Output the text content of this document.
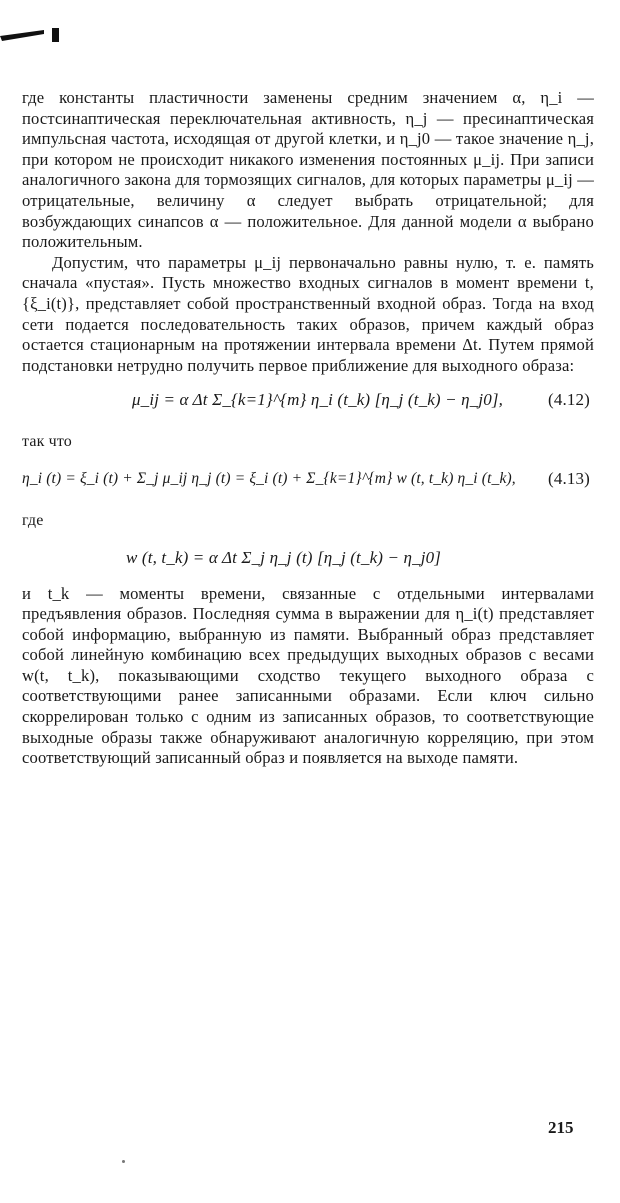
где константы пластичности заменены средним значением α, η_i — постсинаптическая переключательная активность, η_j — пресинаптическая импульсная частота, исходящая от другой клетки, и η_j0 — такое значение η_j, при котором не происходит никакого изменения постоянных μ_ij. При записи аналогичного закона для тормозящих сигналов, для которых параметры μ_ij — отрицательные, величину α следует выбрать отрицательной; для возбуждающих синапсов α — положительное. Для данной модели α выбрано положительным.

Допустим, что параметры μ_ij первоначально равны нулю, т. е. память сначала «пустая». Пусть множество входных сигналов в момент времени t, {ξ_i(t)}, представляет собой пространственный входной образ. Тогда на вход сети подается последовательность таких образов, причем каждый образ остается стационарным на протяжении интервала времени Δt. Путем прямой подстановки нетрудно получить первое приближение для выходного образа:

μ_ij = α Δt Σ_{k=1}^{m} η_i (t_k) [η_j (t_k) − η_j0],	(4.12)
так что
η_i (t) = ξ_i (t) + Σ_j μ_ij η_j (t) = ξ_i (t) + Σ_{k=1}^{m} w (t, t_k) η_i (t_k), (4.13)
где
w (t, t_k) = α Δt Σ_j η_j (t) [η_j (t_k) − η_j0]

и t_k — моменты времени, связанные с отдельными интервалами предъявления образов. Последняя сумма в выражении для η_i(t) представляет собой информацию, выбранную из памяти. Выбранный образ представляет собой линейную комбинацию всех предыдущих выходных образов с весами w(t, t_k), показывающими сходство текущего выходного образа с соответствующими ранее записанными образами. Если ключ сильно скоррелирован только с одним из записанных образов, то соответствующие выходные образы также обнаруживают аналогичную корреляцию, при этом соответствующий записанный образ и появляется на выходе памяти.

215
